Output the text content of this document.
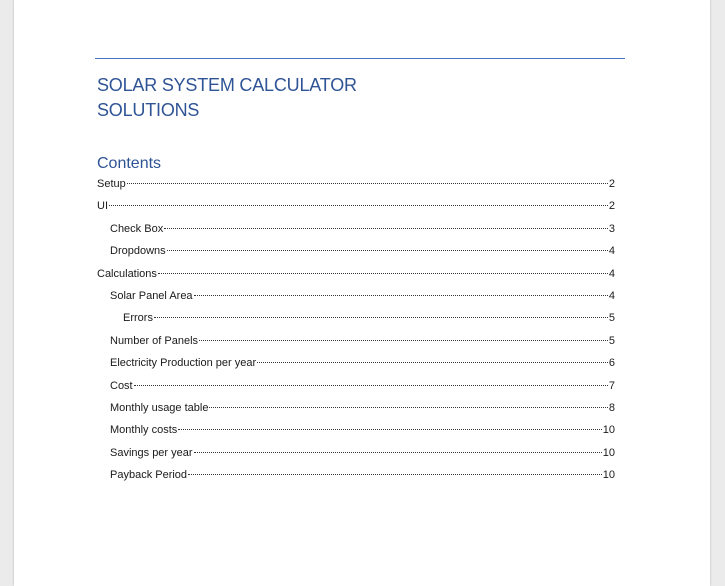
SOLAR SYSTEM CALCULATOR
SOLUTIONS
Contents
Setup	2
UI	2
Check Box	3
Dropdowns	4
Calculations	4
Solar Panel Area	4
Errors	5
Number of Panels	5
Electricity Production per year	6
Cost	7
Monthly usage table	8
Monthly costs	10
Savings per year	10
Payback Period	10
